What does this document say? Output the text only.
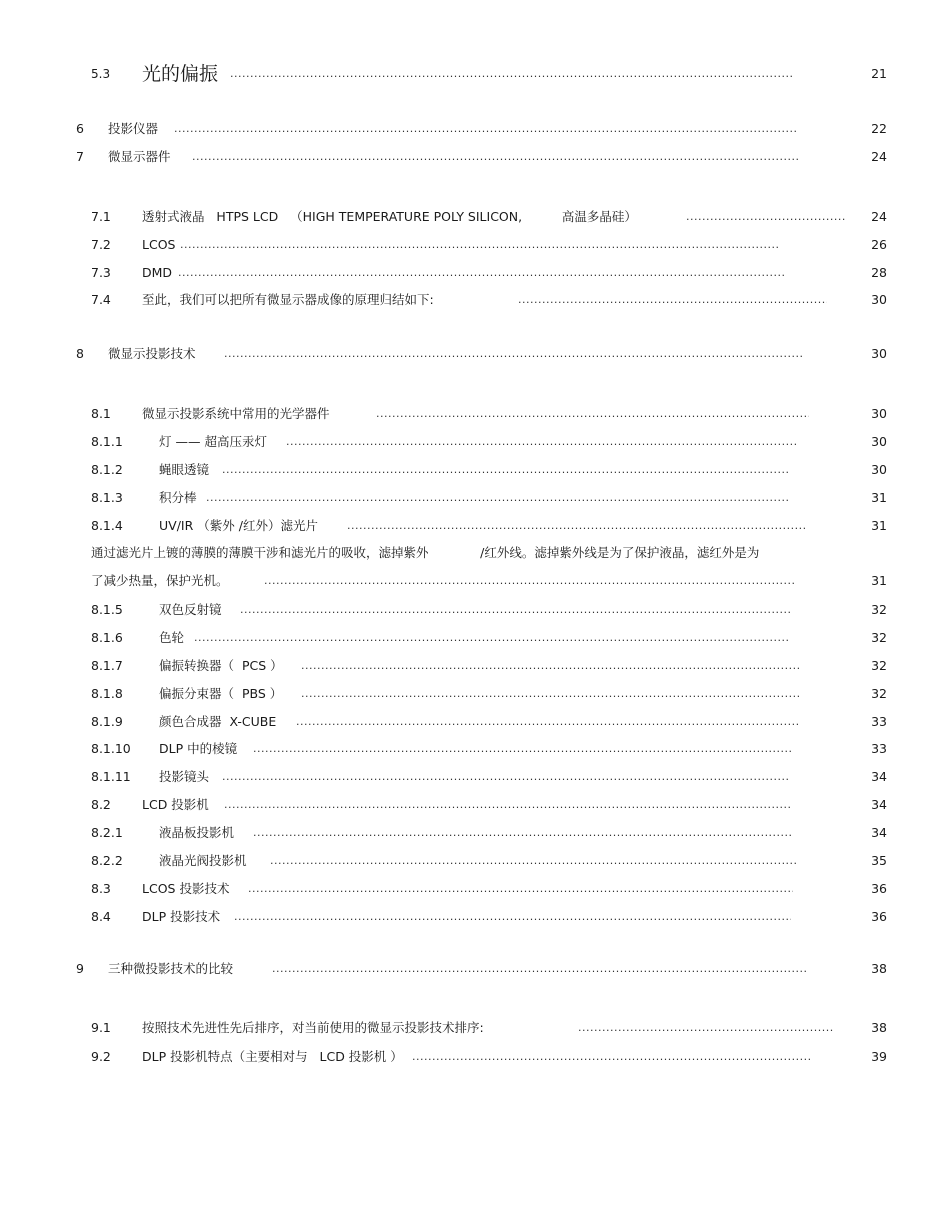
5.3 光的偏振 .....	21
6 投影仪器 .....	22
7 微显示器件 .....	24
7.1 透射式液晶   HTPS LCD   （HIGH TEMPERATURE POLY SILICON,          高温多晶硅） .....	24
7.2 LCOS .....	26
7.3 DMD .....	28
7.4 至此，我们可以把所有微显示器成像的原理归结如下: .....	30
8 微显示投影技术 .....	30
8.1 微显示投影系统中常用的光学器件 .....	30
8.1.1	灯 —— 超高压汞灯 .....	30
8.1.2	蝇眼透镜 .....	30
8.1.3	积分棒 .....	31
8.1.4	UV/IR （紫外 /红外）滤光片 .....	31
通过滤光片上镀的薄膜的薄膜干涉和滤光片的吸收，滤掉紫外             /红外线。滤掉紫外线是为了保护液晶，滤红外是为
了减少热量，保护光机。 .....	31
8.1.5	双色反射镜 .....	32
8.1.6	色轮 .....	32
8.1.7	偏振转换器（  PCS ） .....	32
8.1.8	偏振分束器（  PBS ） .....	32
8.1.9	颜色合成器  X-CUBE .....	33
8.1.10 DLP 中的棱镜 .....	33
8.1.11 投影镜头 .....	34
8.2 LCD 投影机 .....	34
8.2.1	液晶板投影机 .....	34
8.2.2	液晶光阀投影机 .....	35
8.3 LCOS 投影技术 .....	36
8.4 DLP 投影技术 .....	36
9 三种微投影技术的比较 .....	38
9.1 按照技术先进性先后排序，对当前使用的微显示投影技术排序: .....	38
9.2 DLP 投影机特点（主要相对与   LCD 投影机 ） .....	39
